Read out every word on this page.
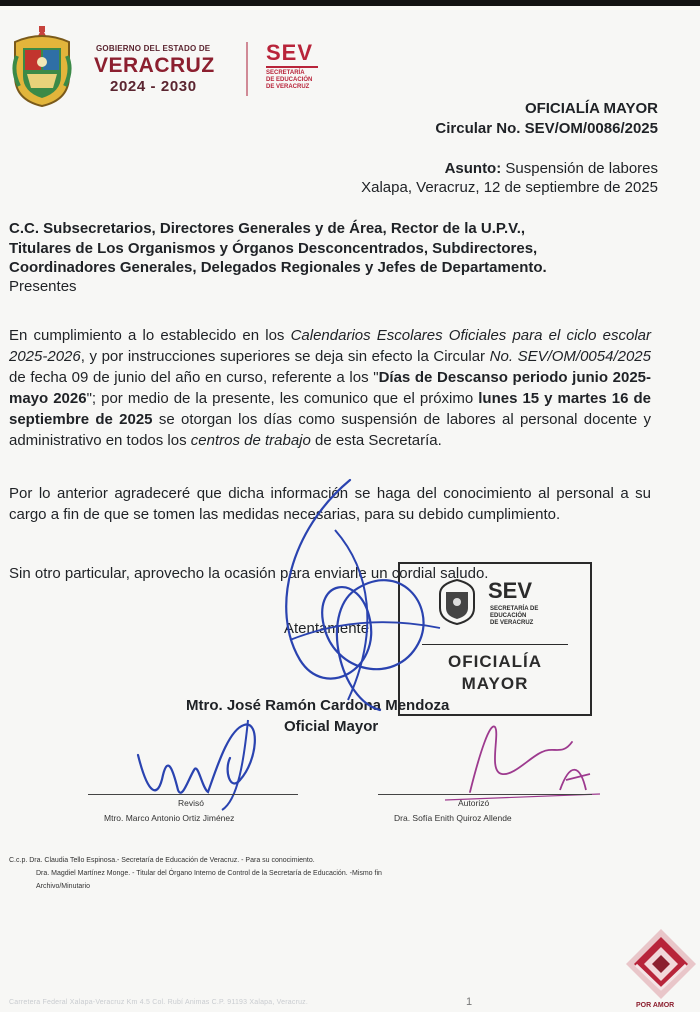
GOBIERNO DEL ESTADO DE
VERACRUZ
2024 - 2030
SEV
SECRETARÍA
DE EDUCACIÓN
DE VERACRUZ
OFICIALÍA MAYOR
Circular No. SEV/OM/0086/2025
Asunto: Suspensión de labores
Xalapa, Veracruz, 12 de septiembre de 2025
C.C. Subsecretarios, Directores Generales y de Área, Rector de la U.P.V.,
Titulares de Los Organismos y Órganos Desconcentrados, Subdirectores,
Coordinadores Generales, Delegados Regionales y Jefes de Departamento.
Presentes
En cumplimiento a lo establecido en los Calendarios Escolares Oficiales para el ciclo escolar 2025-2026, y por instrucciones superiores se deja sin efecto la Circular No. SEV/OM/0054/2025 de fecha 09 de junio del año en curso, referente a los "Días de Descanso periodo junio 2025-mayo 2026"; por medio de la presente, les comunico que el próximo lunes 15 y martes 16 de septiembre de 2025 se otorgan los días como suspensión de labores al personal docente y administrativo en todos los centros de trabajo de esta Secretaría.
Por lo anterior agradeceré que dicha información se haga del conocimiento al personal a su cargo a fin de que se tomen las medidas necesarias, para su debido cumplimiento.
Sin otro particular, aprovecho la ocasión para enviarle un cordial saludo.
SEV
SECRETARÍA DE
EDUCACIÓN
DE VERACRUZ
OFICIALÍA
MAYOR
Atentamente
Mtro. José Ramón Cardona Mendoza
Oficial Mayor
Revisó
Mtro. Marco Antonio Ortiz Jiménez
Autorizó
Dra. Sofía Enith Quiroz Allende
C.c.p. Dra. Claudia Tello Espinosa.- Secretaría de Educación de Veracruz. - Para su conocimiento.
Dra. Magdiel Martínez Monge. - Titular del Órgano Interno de Control de la Secretaría de Educación. -Mismo fin
Archivo/Minutario
Carretera Federal Xalapa-Veracruz Km 4.5 Col. Rubí Animas C.P. 91193 Xalapa, Veracruz.	1	POR AMOR
